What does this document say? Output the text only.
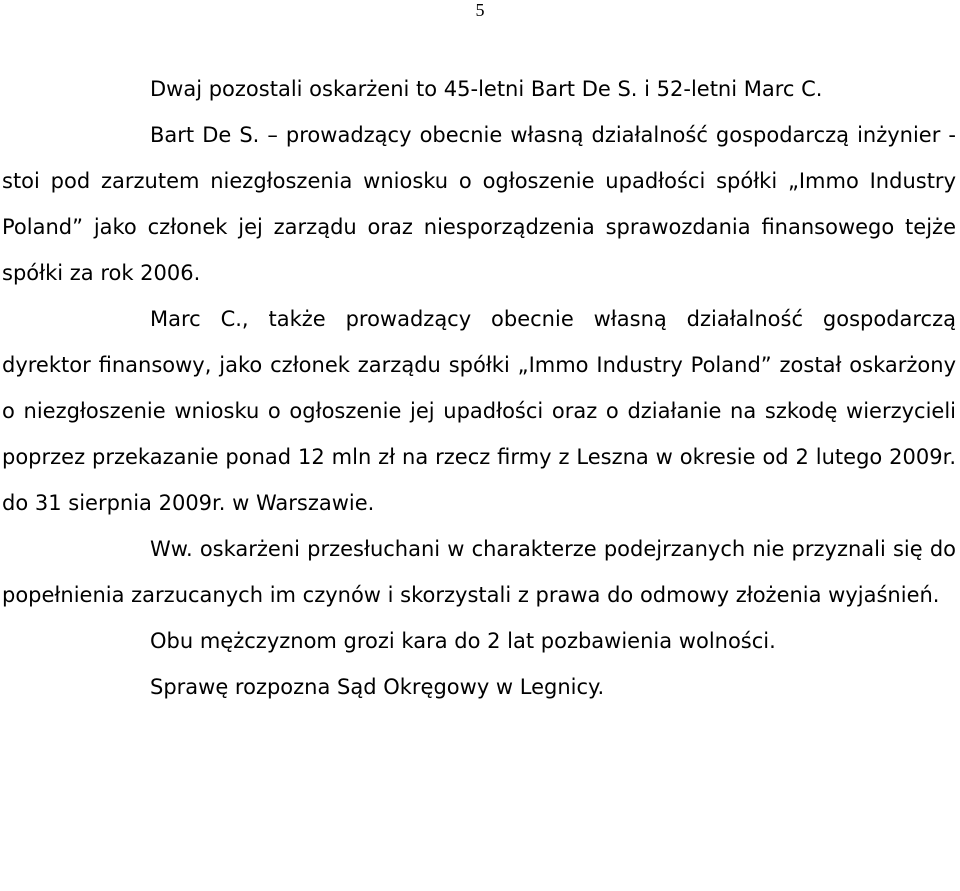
5

Dwaj pozostali oskarżeni to 45-letni Bart De S. i 52-letni Marc C.

Bart De S. – prowadzący obecnie własną działalność gospodarczą inżynier - stoi pod zarzutem niezgłoszenia wniosku o ogłoszenie upadłości spółki „Immo Industry Poland” jako członek jej zarządu oraz niesporządzenia sprawozdania finansowego tejże spółki za rok 2006.

Marc C., także prowadzący obecnie własną działalność gospodarczą dyrektor finansowy, jako członek zarządu spółki „Immo Industry Poland” został oskarżony o niezgłoszenie wniosku o ogłoszenie jej upadłości oraz o działanie na szkodę wierzycieli poprzez przekazanie ponad 12 mln zł na rzecz firmy z Leszna w okresie od 2 lutego 2009r. do 31 sierpnia 2009r. w Warszawie.

Ww. oskarżeni przesłuchani w charakterze podejrzanych nie przyznali się do popełnienia zarzucanych im czynów i skorzystali z prawa do odmowy złożenia wyjaśnień.

Obu mężczyznom grozi kara do 2 lat pozbawienia wolności.

Sprawę rozpozna Sąd Okręgowy w Legnicy.
